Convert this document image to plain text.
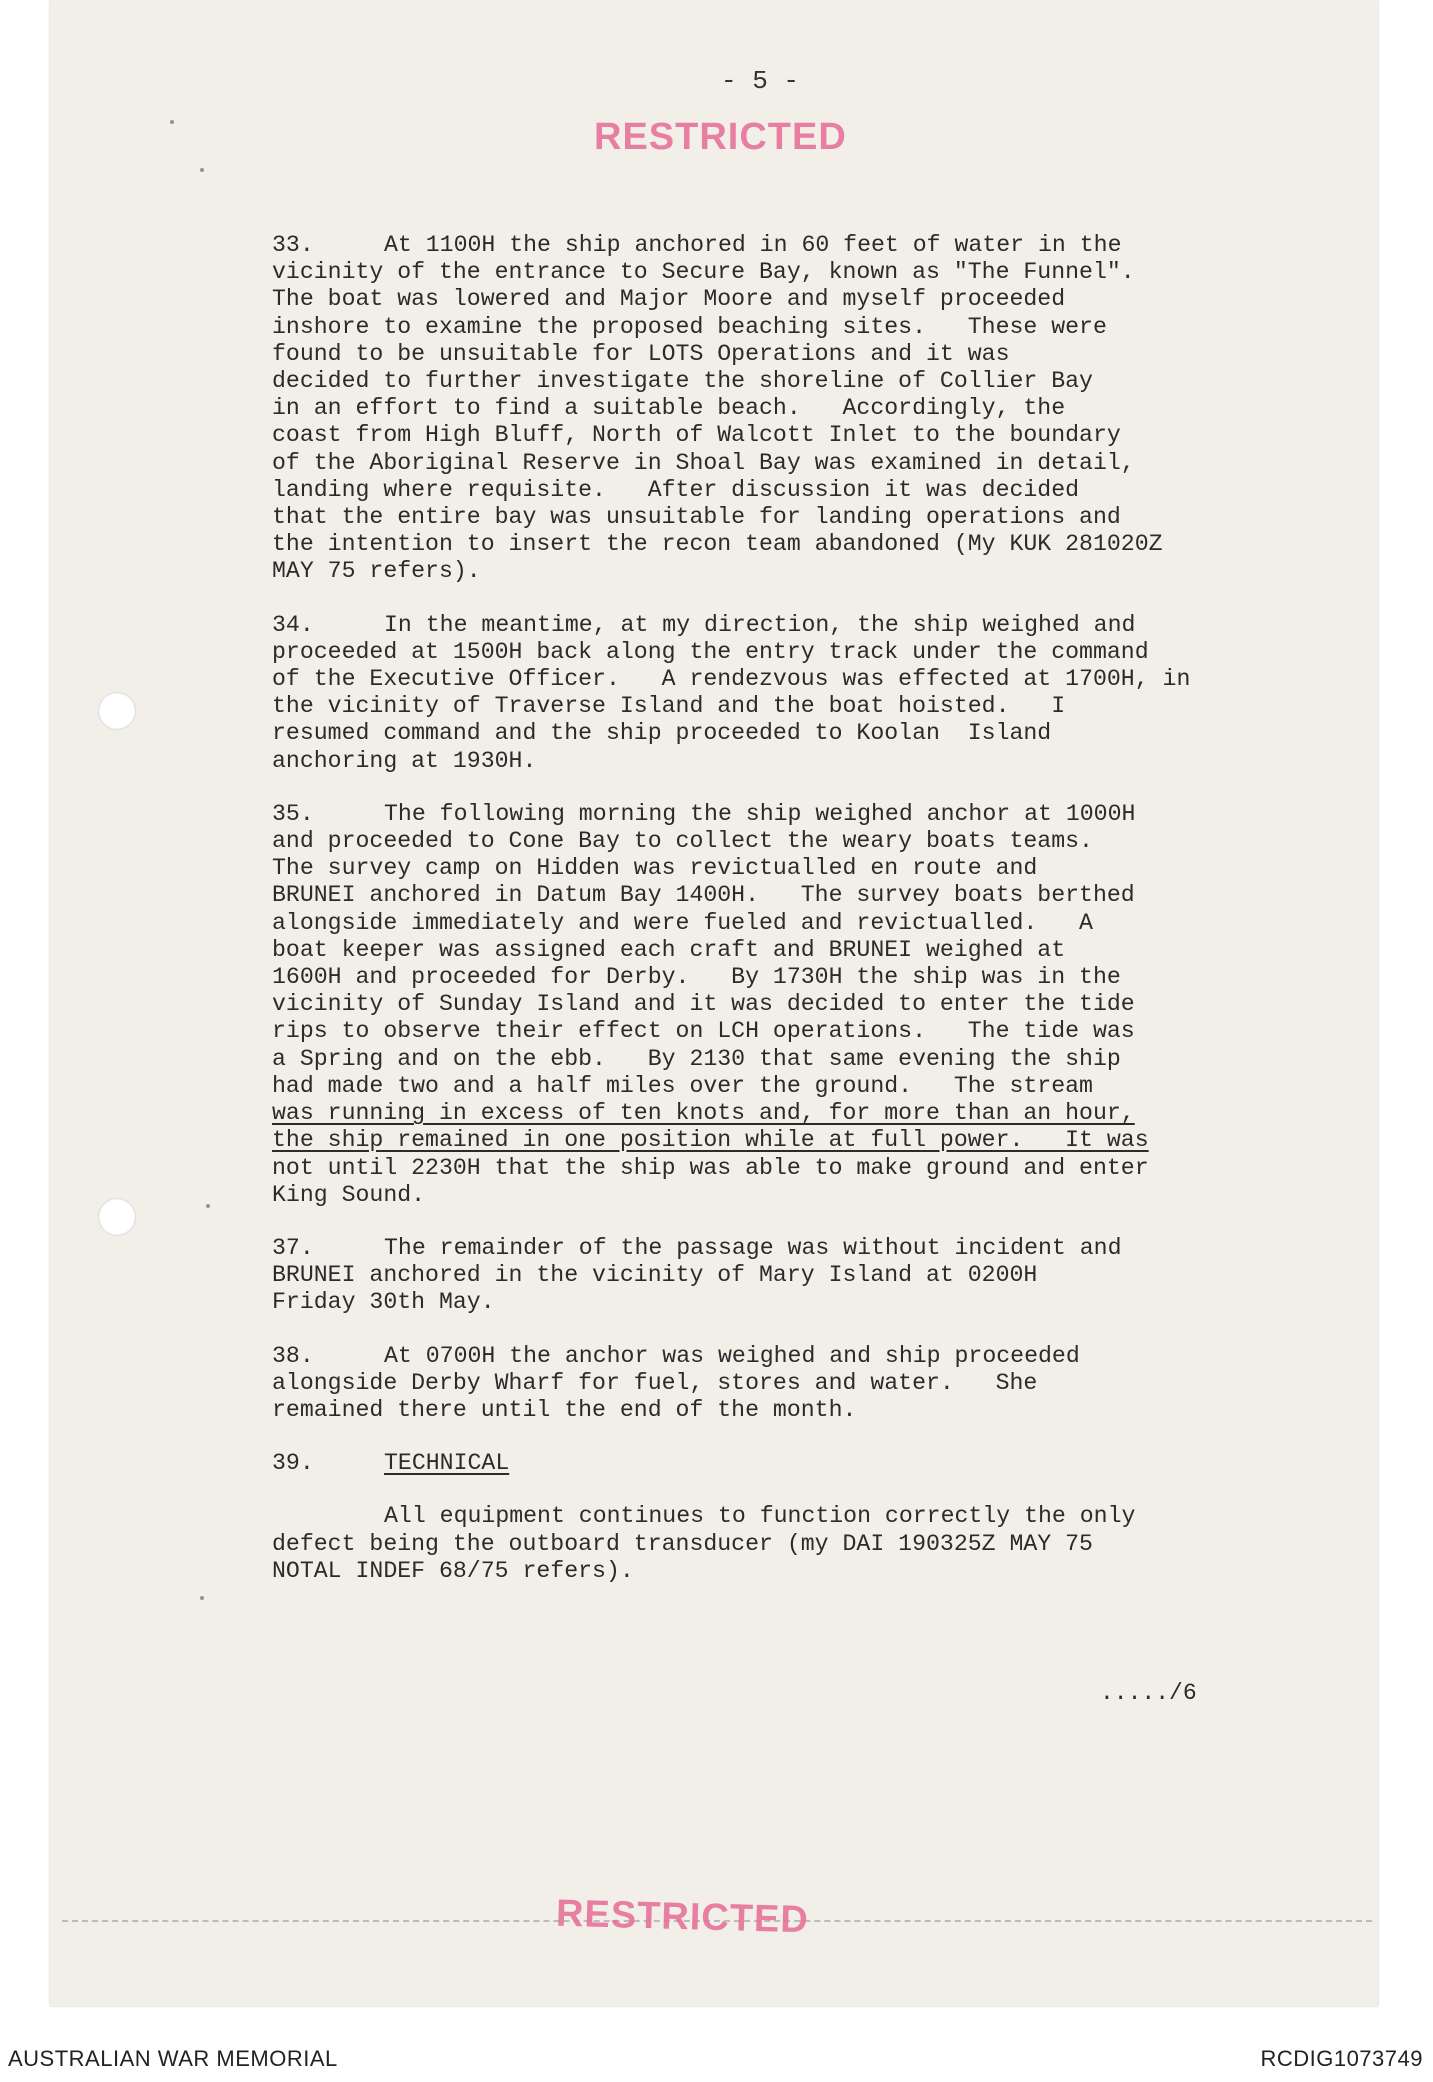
- 5 -
RESTRICTED
RESTRICTED
33.	At 1100H the ship anchored in 60 feet of water in the
vicinity of the entrance to Secure Bay, known as "The Funnel".
The boat was lowered and Major Moore and myself proceeded
inshore to examine the proposed beaching sites.   These were
found to be unsuitable for LOTS Operations and it was
decided to further investigate the shoreline of Collier Bay
in an effort to find a suitable beach.   Accordingly, the
coast from High Bluff, North of Walcott Inlet to the boundary
of the Aboriginal Reserve in Shoal Bay was examined in detail,
landing where requisite.   After discussion it was decided
that the entire bay was unsuitable for landing operations and
the intention to insert the recon team abandoned (My KUK 281020Z
MAY 75 refers).
34.	In the meantime, at my direction, the ship weighed and
proceeded at 1500H back along the entry track under the command
of the Executive Officer.   A rendezvous was effected at 1700H, in
the vicinity of Traverse Island and the boat hoisted.   I
resumed command and the ship proceeded to Koolan  Island
anchoring at 1930H.
35.	The following morning the ship weighed anchor at 1000H
and proceeded to Cone Bay to collect the weary boats teams.
The survey camp on Hidden was revictualled en route and
BRUNEI anchored in Datum Bay 1400H.   The survey boats berthed
alongside immediately and were fueled and revictualled.   A
boat keeper was assigned each craft and BRUNEI weighed at
1600H and proceeded for Derby.   By 1730H the ship was in the
vicinity of Sunday Island and it was decided to enter the tide
rips to observe their effect on LCH operations.   The tide was
a Spring and on the ebb.   By 2130 that same evening the ship
had made two and a half miles over the ground.   The stream
was running in excess of ten knots and, for more than an hour,
the ship remained in one position while at full power.   It was
not until 2230H that the ship was able to make ground and enter
King Sound.
37.	The remainder of the passage was without incident and
BRUNEI anchored in the vicinity of Mary Island at 0200H
Friday 30th May.
38.	At 0700H the anchor was weighed and ship proceeded
alongside Derby Wharf for fuel, stores and water.   She
remained there until the end of the month.
39.	TECHNICAL
All equipment continues to function correctly the only
defect being the outboard transducer (my DAI 190325Z MAY 75
NOTAL INDEF 68/75 refers).
...../6
AUSTRALIAN WAR MEMORIAL	RCDIG1073749
